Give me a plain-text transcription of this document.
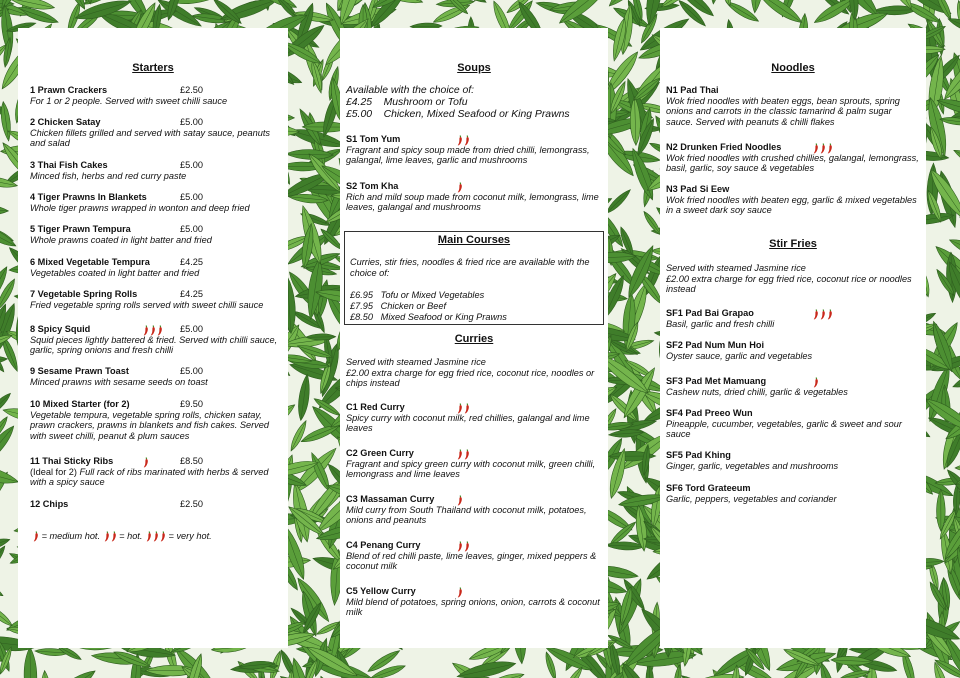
Starters
= medium hot. = hot.	= very hot.
1 Prawn Crackers
For 1 or 2 people. Served with sweet chilli sauce
£2.50
2 Chicken Satay
Chicken fillets grilled and served with satay sauce, peanuts and salad
£5.00
3 Thai Fish Cakes
Minced fish, herbs and red curry paste
£5.00
4 Tiger Prawns In Blankets
Whole tiger prawns wrapped in wonton and deep fried
£5.00
5 Tiger Prawn Tempura
Whole prawns coated in light batter and fried
£5.00
6 Mixed Vegetable Tempura
Vegetables coated in light batter and fried
£4.25
7 Vegetable Spring Rolls
Fried vegetable spring rolls served with sweet chilli sauce
£4.25
8 Spicy Squid
Squid pieces lightly battered & fried. Served with chilli sauce, garlic, spring onions and fresh chilli
£5.00
9 Sesame Prawn Toast
Minced prawns with sesame seeds on toast
£5.00
10 Mixed Starter (for 2)
Vegetable tempura, vegetable spring rolls, chicken satay, prawn crackers, prawns in blankets and fish cakes. Served with sweet chilli, peanut & plum sauces
£9.50
11 Thai Sticky Ribs
(Ideal for 2) Full rack of ribs marinated with herbs & served with a spicy sauce
£8.50
12 Chips	£2.50
Soups
Available with the choice of:
£4.25 Mushroom or Tofu
£5.00 Chicken, Mixed Seafood or King Prawns
Main Courses
Curries, stir fries, noodles & fried rice are available with the choice of:
£6.95 Tofu or Mixed Vegetables
£7.95 Chicken or Beef
£8.50 Mixed Seafood or King Prawns
Curries
Served with steamed Jasmine rice
£2.00 extra charge for egg fried rice, coconut rice, noodles or chips instead
S1 Tom Yum
Fragrant and spicy soup made from dried chilli, lemongrass, galangal, lime leaves, garlic and mushrooms
S2 Tom Kha
Rich and mild soup made from coconut milk, lemongrass, lime leaves, galangal and mushrooms
C1 Red Curry
Spicy curry with coconut milk, red chillies, galangal and lime leaves
C2 Green Curry
Fragrant and spicy green curry with coconut milk, green chilli, lemongrass and lime leaves
C3 Massaman Curry
Mild curry from South Thailand with coconut milk, potatoes, onions and peanuts
C4 Penang Curry
Blend of red chilli paste, lime leaves, ginger, mixed peppers & coconut milk
C5 Yellow Curry
Mild blend of potatoes, spring onions, onion, carrots & coconut milk
Noodles
Stir Fries
Served with steamed Jasmine rice
£2.00 extra charge for egg fried rice, coconut rice or noodles instead
N1 Pad Thai
Wok fried noodles with beaten eggs, bean sprouts, spring onions and carrots in the classic tamarind & palm sugar sauce. Served with peanuts & chilli flakes
N2 Drunken Fried Noodles
Wok fried noodles with crushed chillies, galangal, lemongrass, basil, garlic, soy sauce & vegetables
N3 Pad Si Eew
Wok fried noodles with beaten egg, garlic & mixed vegetables in a sweet dark soy sauce
SF1 Pad Bai Grapao
Basil, garlic and fresh chilli
SF2 Pad Num Mun Hoi
Oyster sauce, garlic and vegetables
SF3 Pad Met Mamuang
Cashew nuts, dried chilli, garlic & vegetables
SF4 Pad Preeo Wun
Pineapple, cucumber, vegetables, garlic & sweet and sour sauce
SF5 Pad Khing
Ginger, garlic, vegetables and mushrooms
SF6 Tord Grateeum
Garlic, peppers, vegetables and coriander
